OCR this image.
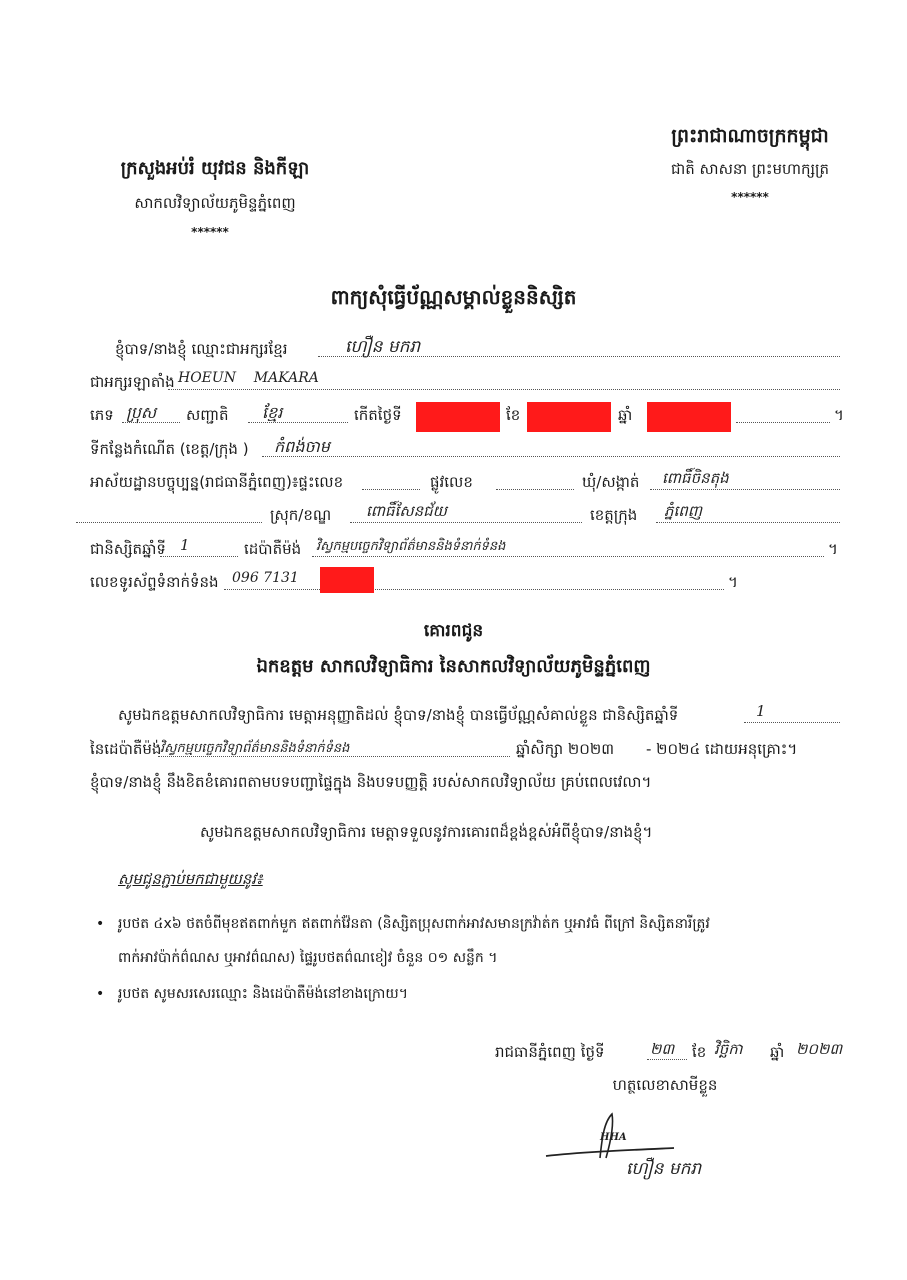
ព្រះរាជាណាចក្រកម្ពុជា
ជាតិ សាសនា ព្រះមហាក្សត្រ
******
ក្រសួងអប់រំ យុវជន និងកីឡា
សាកលវិទ្យាល័យភូមិន្ទភ្នំពេញ
******
ពាក្យសុំធ្វើប័ណ្ណសម្គាល់ខ្លួននិស្សិត
ខ្ញុំបាទ/នាងខ្ញុំ ឈ្មោះជាអក្សរខ្មែរ	ហឿន មករា
ជាអក្សរឡាតាំង HOEUN    MAKARA
ភេទ ប្រុស សញ្ជាតិ ខ្មែរ	កើតថ្ងៃទី	ខែ	ឆ្នាំ	។
ទីកន្លែងកំណើត (ខេត្ត/ក្រុង ) កំពង់ចាម
អាស័យដ្ឋានបច្ចុប្បន្ន(រាជធានីភ្នំពេញ)៖ផ្ទះលេខ	ផ្លូវលេខ	ឃុំ/សង្កាត់ ពោធិ៍ចិនតុង
ស្រុក/ខណ្ឌ ពោធិ៍សែនជ័យ	ខេត្តក្រុង ភ្នំពេញ
ជានិស្សិតឆ្នាំទី 1	ដេប៉ាតឺម៉ង់ វិស្វកម្មបច្ចេកវិទ្យាព័ត៌មាននិងទំនាក់ទំនង	។
លេខទូរស័ព្ទទំនាក់ទំនង 096 7131	។
គោរពជូន
ឯកឧត្តម សាកលវិទ្យាធិការ នៃសាកលវិទ្យាល័យភូមិន្ទភ្នំពេញ
សូមឯកឧត្តមសាកលវិទ្យាធិការ មេត្តាអនុញ្ញាតិដល់ ខ្ញុំបាទ/នាងខ្ញុំ បានធ្វើប័ណ្ណសំគាល់ខ្លួន ជានិស្សិតឆ្នាំទី	1
នៃដេប៉ាតឺម៉ង់
វិស្វកម្មបច្ចេកវិទ្យាព័ត៌មាននិងទំនាក់ទំនង	ឆ្នាំសិក្សា ២០២៣ - ២០២៤ ដោយអនុគ្រោះ។
ខ្ញុំបាទ/នាងខ្ញុំ នឹងខិតខំគោរពតាមបទបញ្ជាផ្ទៃក្នុង និងបទបញ្ញត្តិ របស់សាកលវិទ្យាល័យ គ្រប់ពេលវេលា។
សូមឯកឧត្តមសាកលវិទ្យាធិការ មេត្តាទទួលនូវការគោរពដ៏ខ្ពង់ខ្ពស់អំពីខ្ញុំបាទ/នាងខ្ញុំ។
សូមជូនភ្ជាប់មកជាមួយនូវ៖
• រូបថត ៤x៦ ថតចំពីមុខឥតពាក់មួក ឥតពាក់វ៉ែនតា (និស្សិតប្រុសពាក់អាវសមានក្រវ៉ាត់ក ឬអាវធំ ពីក្រៅ និស្សិតនារីត្រូវ
ពាក់អាវប៉ាក់ព៌ណស ឬអាវព៌ណស) ផ្ទៃរូបថតព៌ណខៀវ ចំនួន ០១ សន្លឹក ។
• រូបថត សូមសរសេរឈ្មោះ និងដេប៉ាតឺម៉ង់នៅខាងក្រោយ។
រាជធានីភ្នំពេញ ថ្ងៃទី	២៣ ខែ វិច្ឆិកា ឆ្នាំ ២០២៣
ហត្ថលេខាសាមីខ្លួន
HHA
ហឿន មករា
